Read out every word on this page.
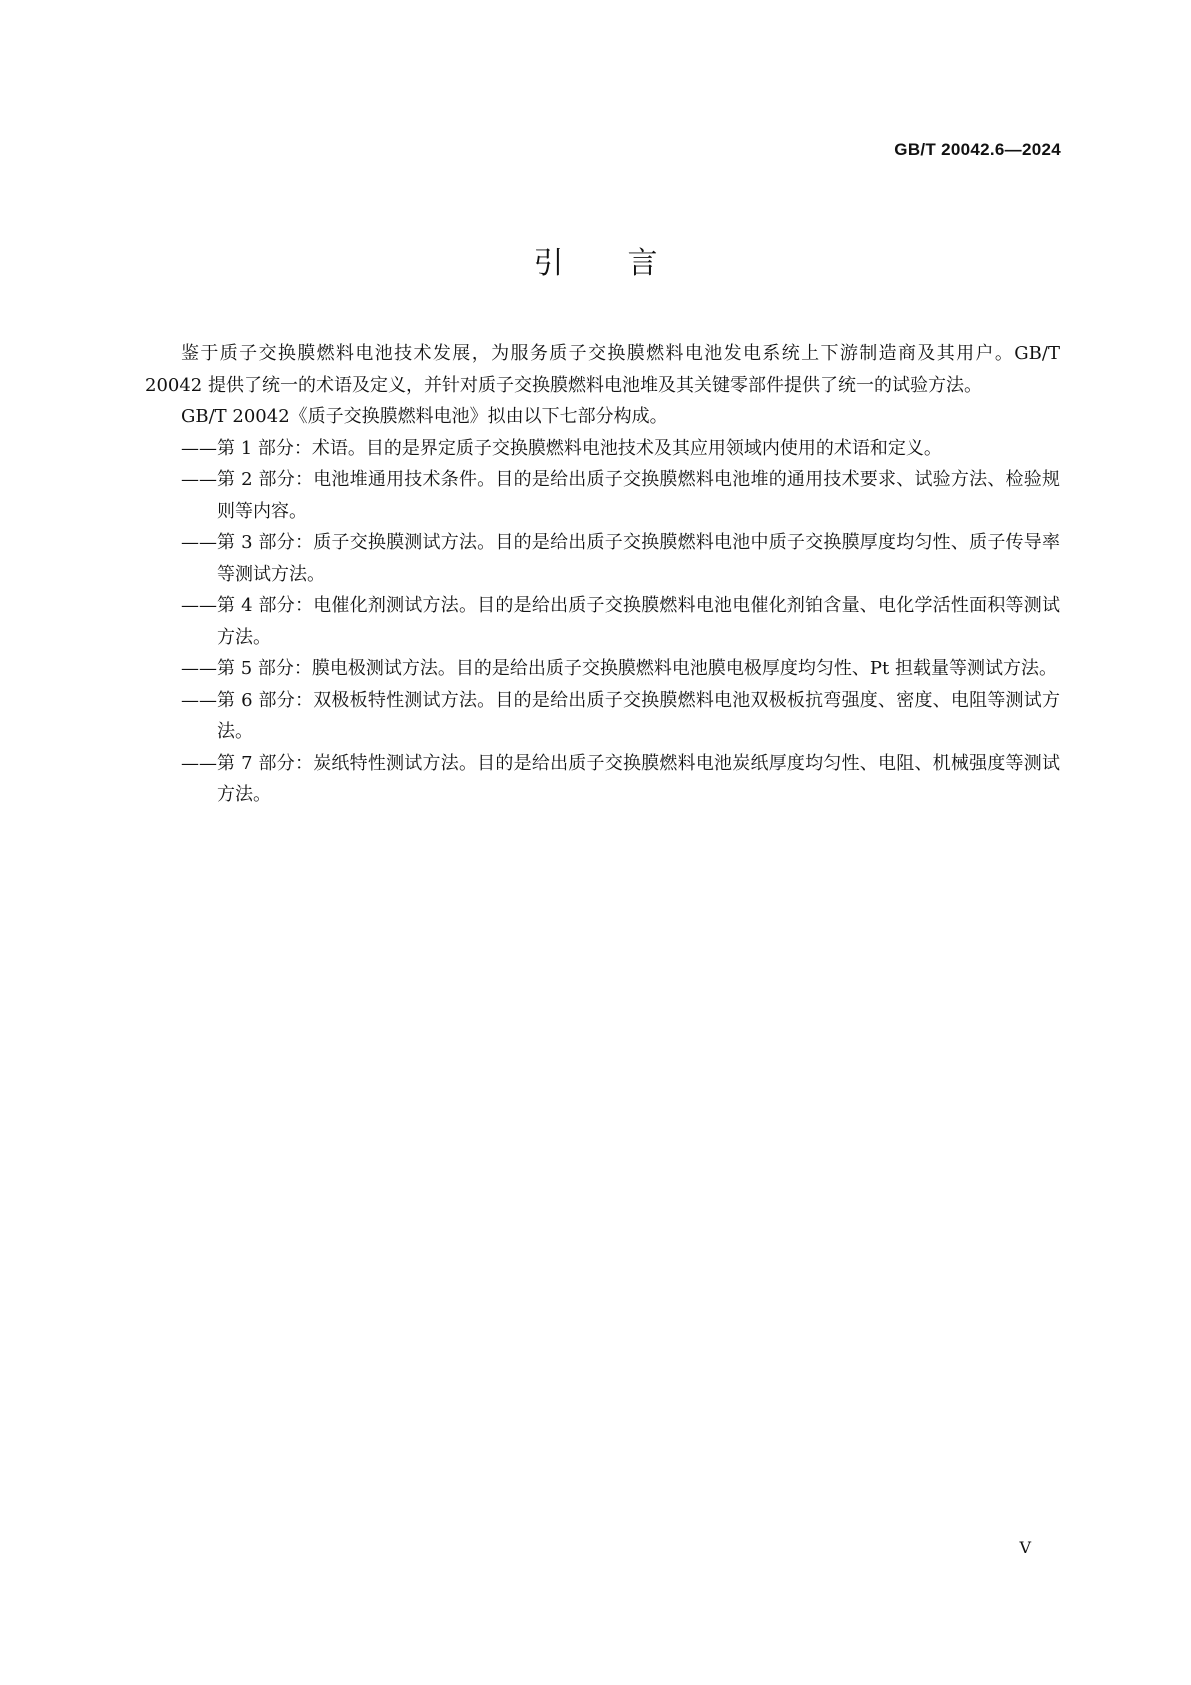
GB/T 20042.6—2024

引言

鉴于质子交换膜燃料电池技术发展，为服务质子交换膜燃料电池发电系统上下游制造商及其用户。GB/T 20042 提供了统一的术语及定义，并针对质子交换膜燃料电池堆及其关键零部件提供了统一的试验方法。

GB/T 20042《质子交换膜燃料电池》拟由以下七部分构成。

—— 第 1 部分：术语。目的是界定质子交换膜燃料电池技术及其应用领域内使用的术语和定义。
—— 第 2 部分：电池堆通用技术条件。目的是给出质子交换膜燃料电池堆的通用技术要求、试验方法、检验规则等内容。
—— 第 3 部分：质子交换膜测试方法。目的是给出质子交换膜燃料电池中质子交换膜厚度均匀性、质子传导率等测试方法。
—— 第 4 部分：电催化剂测试方法。目的是给出质子交换膜燃料电池电催化剂铂含量、电化学活性面积等测试方法。
—— 第 5 部分：膜电极测试方法。目的是给出质子交换膜燃料电池膜电极厚度均匀性、Pt 担载量等测试方法。
—— 第 6 部分：双极板特性测试方法。目的是给出质子交换膜燃料电池双极板抗弯强度、密度、电阻等测试方法。
—— 第 7 部分：炭纸特性测试方法。目的是给出质子交换膜燃料电池炭纸厚度均匀性、电阻、机械强度等测试方法。

V
